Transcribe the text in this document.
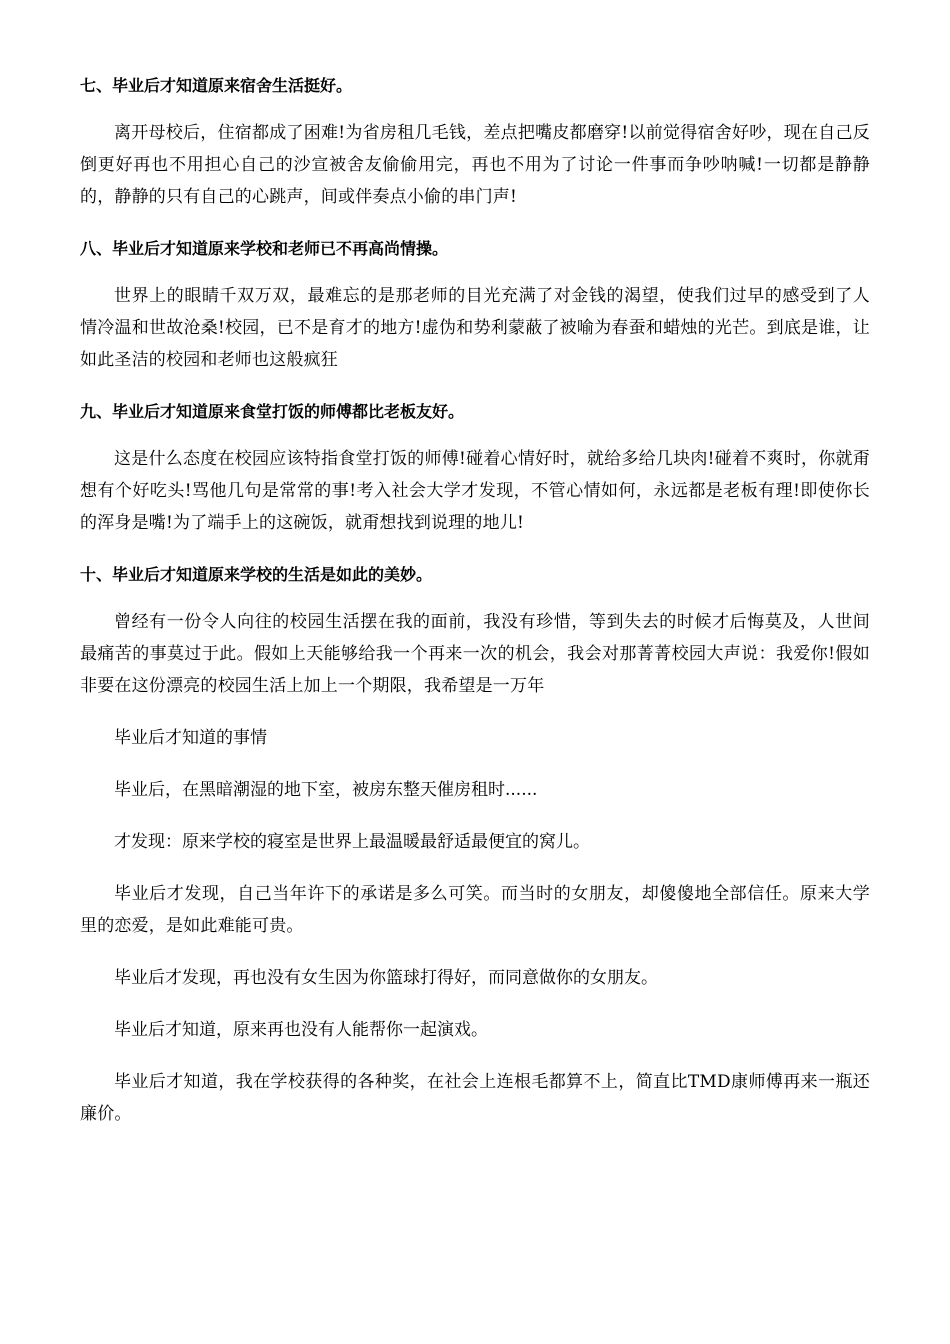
七、毕业后才知道原来宿舍生活挺好。
离开母校后，住宿都成了困难!为省房租几毛钱，差点把嘴皮都磨穿!以前觉得宿舍好吵，现在自己反倒更好再也不用担心自己的沙宣被舍友偷偷用完，再也不用为了讨论一件事而争吵呐喊!一切都是静静的，静静的只有自己的心跳声，间或伴奏点小偷的串门声!
八、毕业后才知道原来学校和老师已不再高尚情操。
世界上的眼睛千双万双，最难忘的是那老师的目光充满了对金钱的渴望，使我们过早的感受到了人情冷温和世故沧桑!校园，已不是育才的地方!虚伪和势利蒙蔽了被喻为春蚕和蜡烛的光芒。到底是谁，让如此圣洁的校园和老师也这般疯狂
九、毕业后才知道原来食堂打饭的师傅都比老板友好。
这是什么态度在校园应该特指食堂打饭的师傅!碰着心情好时，就给多给几块肉!碰着不爽时，你就甭想有个好吃头!骂他几句是常常的事!考入社会大学才发现，不管心情如何，永远都是老板有理!即使你长的浑身是嘴!为了端手上的这碗饭，就甭想找到说理的地儿!
十、毕业后才知道原来学校的生活是如此的美妙。
曾经有一份令人向往的校园生活摆在我的面前，我没有珍惜，等到失去的时候才后悔莫及，人世间最痛苦的事莫过于此。假如上天能够给我一个再来一次的机会，我会对那菁菁校园大声说：我爱你!假如非要在这份漂亮的校园生活上加上一个期限，我希望是一万年
毕业后才知道的事情
毕业后，在黑暗潮湿的地下室，被房东整天催房租时......
才发现：原来学校的寝室是世界上最温暖最舒适最便宜的窝儿。
毕业后才发现，自己当年许下的承诺是多么可笑。而当时的女朋友，却傻傻地全部信任。原来大学里的恋爱，是如此难能可贵。
毕业后才发现，再也没有女生因为你篮球打得好，而同意做你的女朋友。
毕业后才知道，原来再也没有人能帮你一起演戏。
毕业后才知道，我在学校获得的各种奖，在社会上连根毛都算不上，简直比TMD康师傅再来一瓶还廉价。
